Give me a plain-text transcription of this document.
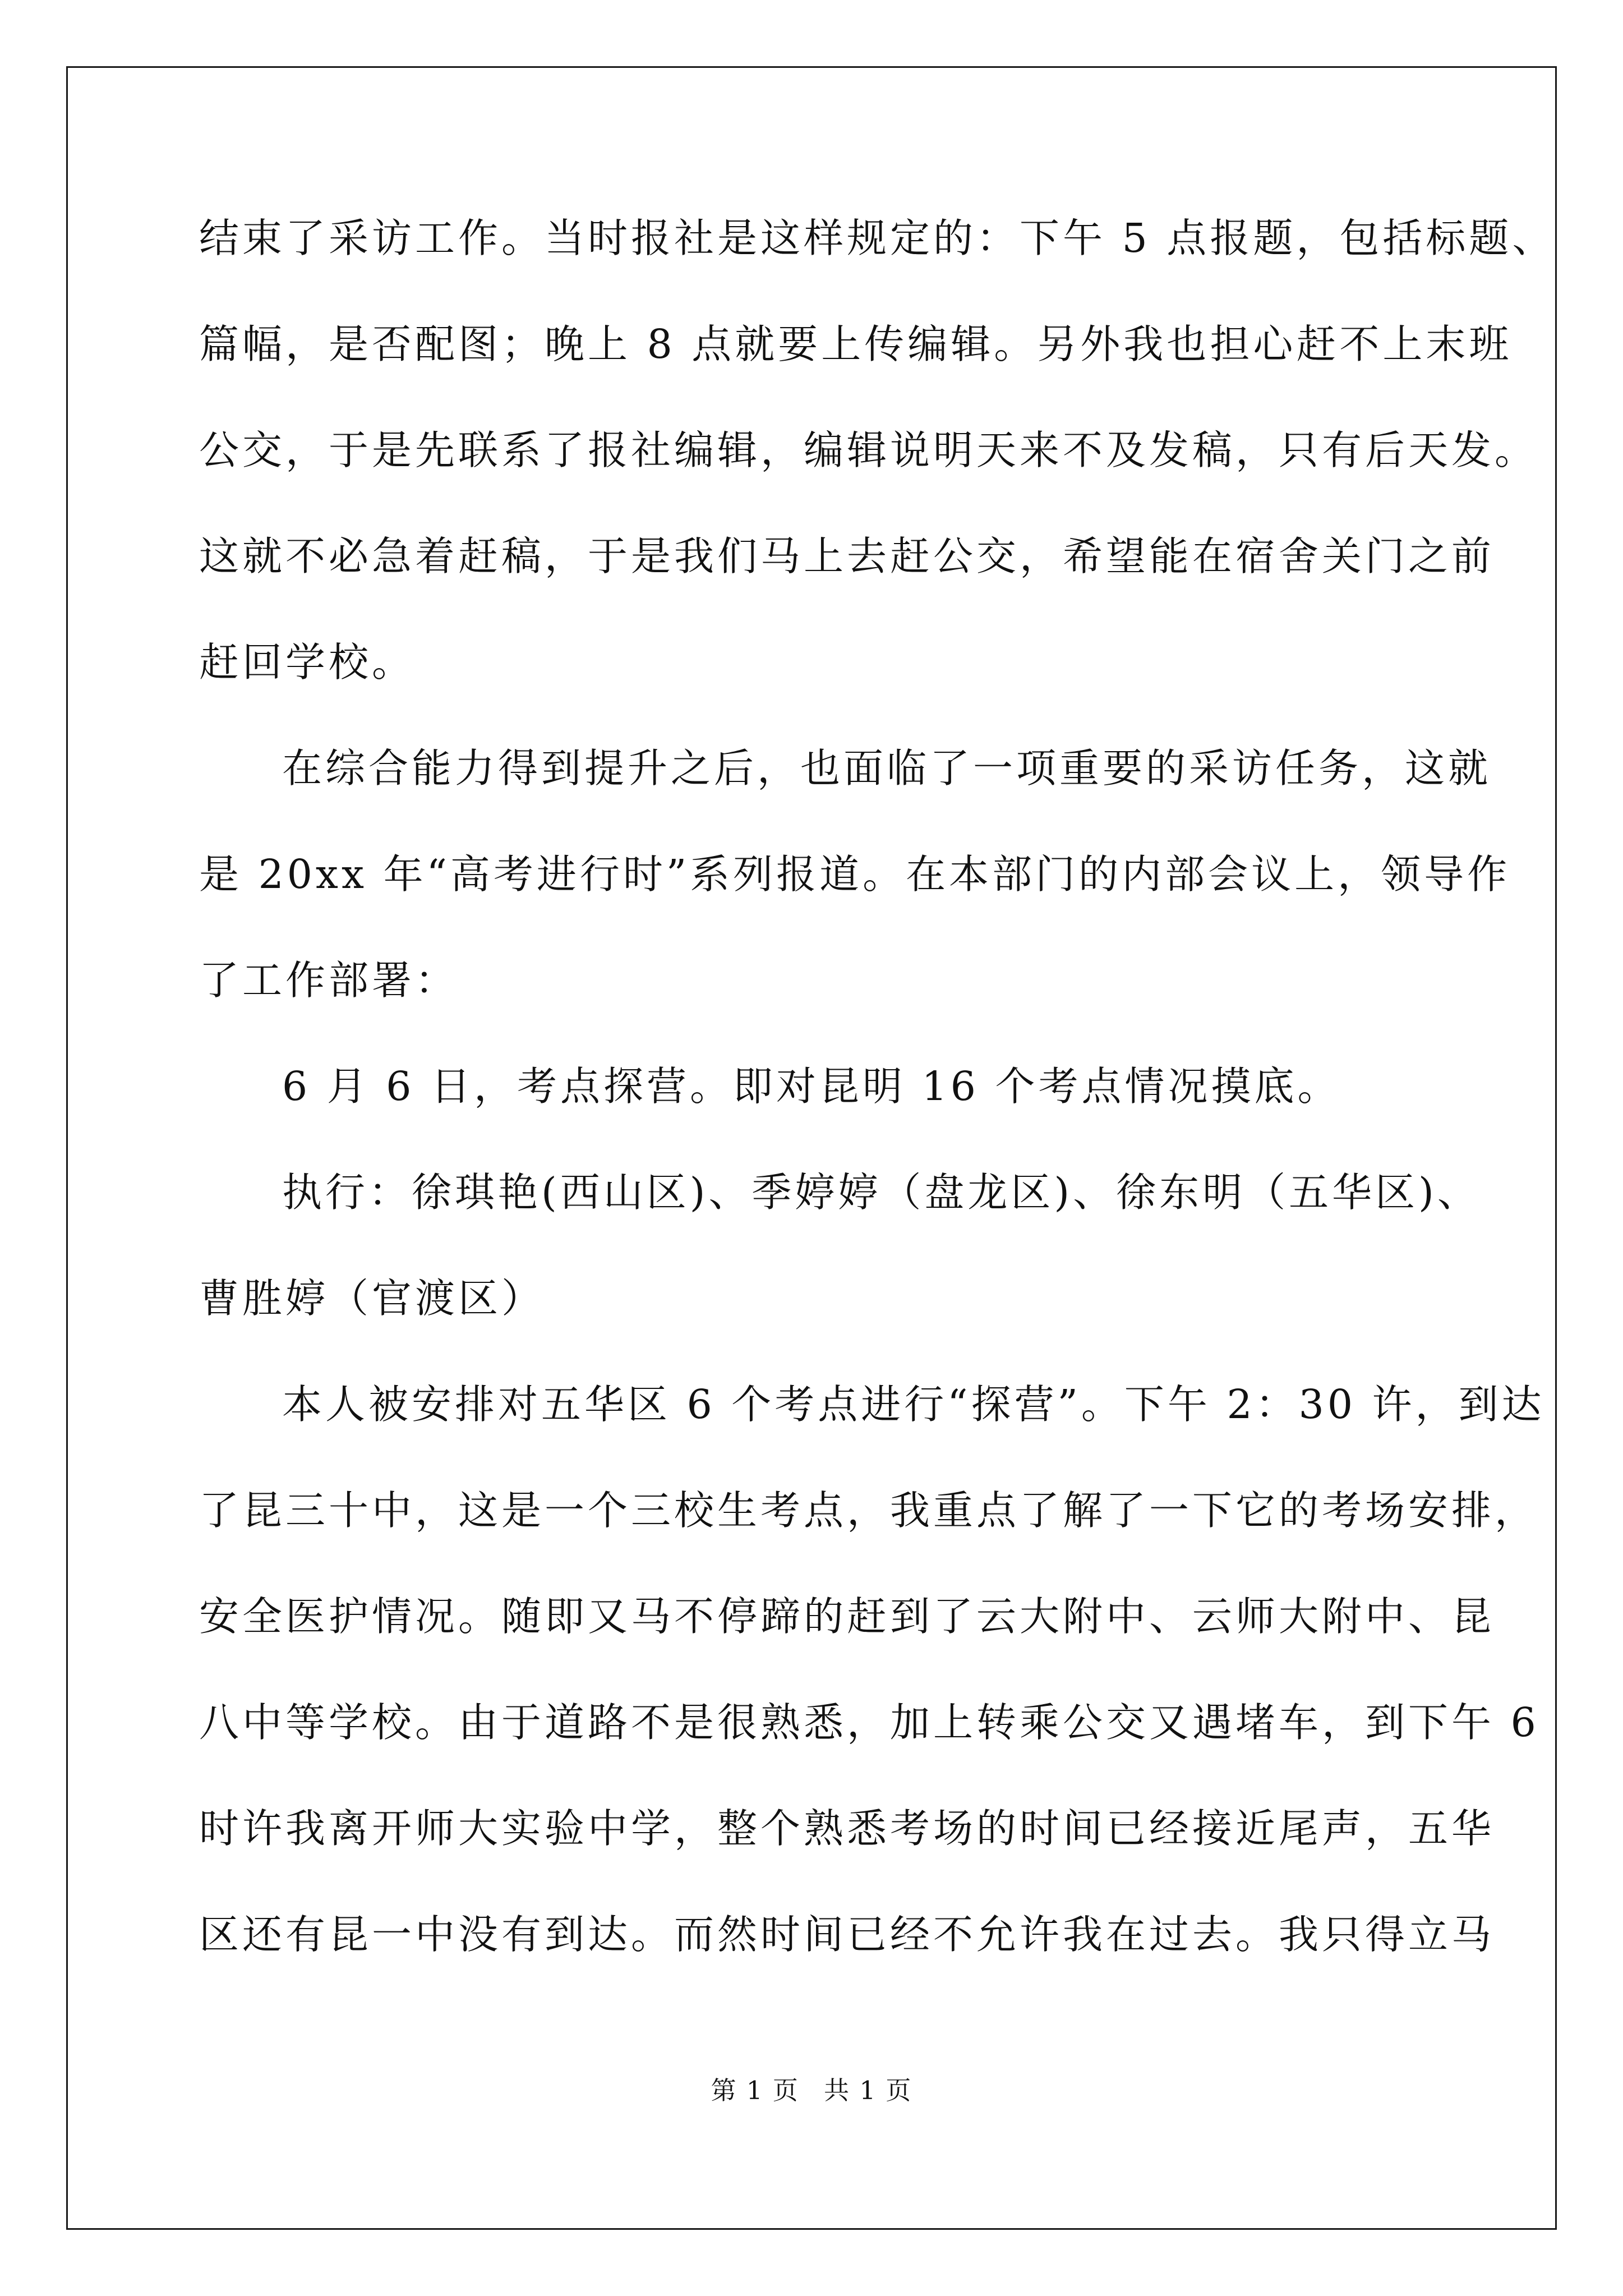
结束了采访工作。当时报社是这样规定的：下午 5 点报题，包括标题、
篇幅，是否配图；晚上 8 点就要上传编辑。另外我也担心赶不上末班
公交，于是先联系了报社编辑，编辑说明天来不及发稿，只有后天发。
这就不必急着赶稿，于是我们马上去赶公交，希望能在宿舍关门之前
赶回学校。
在综合能力得到提升之后，也面临了一项重要的采访任务，这就
是 20xx 年“高考进行时”系列报道。在本部门的内部会议上，领导作
了工作部署：
6 月 6 日，考点探营。即对昆明 16 个考点情况摸底。
执行：徐琪艳(西山区)、季婷婷（盘龙区)、徐东明（五华区)、
曹胜婷（官渡区）
本人被安排对五华区 6 个考点进行“探营”。下午 2：30 许，到达
了昆三十中，这是一个三校生考点，我重点了解了一下它的考场安排，
安全医护情况。随即又马不停蹄的赶到了云大附中、云师大附中、昆
八中等学校。由于道路不是很熟悉，加上转乘公交又遇堵车，到下午 6
时许我离开师大实验中学，整个熟悉考场的时间已经接近尾声，五华
区还有昆一中没有到达。而然时间已经不允许我在过去。我只得立马
第 1 页 共 1 页
